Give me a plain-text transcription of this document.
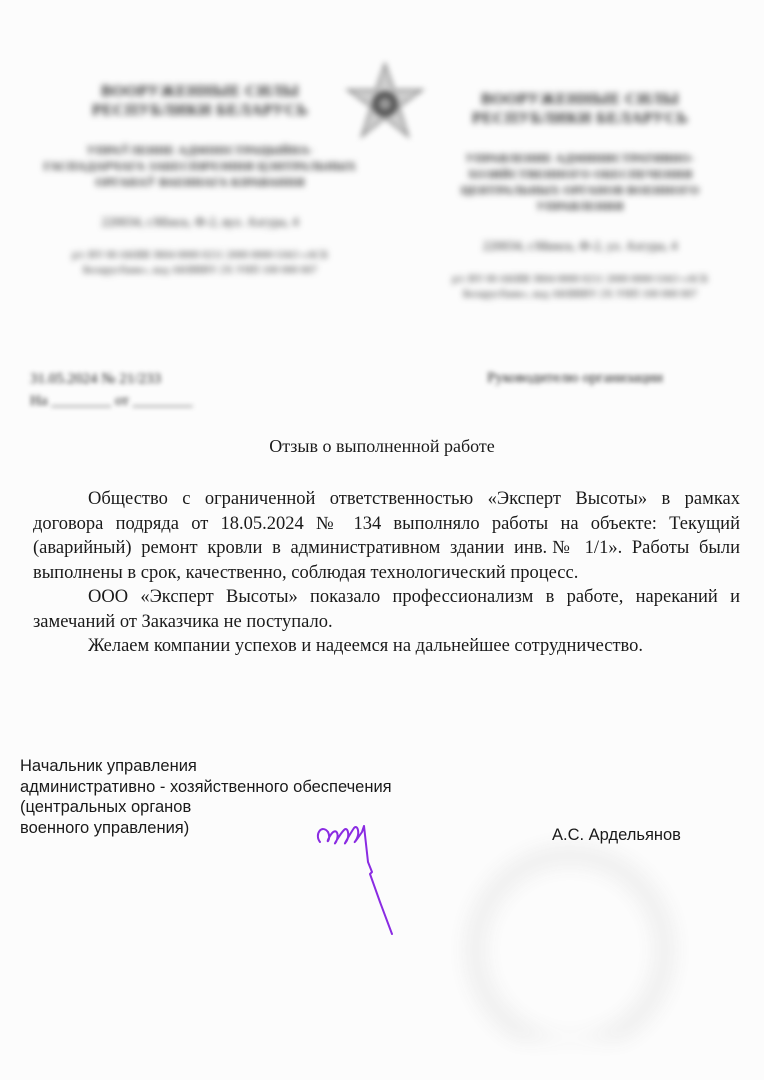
ВООРУЖЕННЫЕ СИЛЫ РЕСПУБЛИКИ БЕЛАРУСЬ
УПРАЎЛЕННЕ АДМІНІСТРАЦЫЙНА-ГАСПАДАРЧАГА ЗАБЕСПЯЧЭННЯ ЦЭНТРАЛЬНЫХ ОРГАНАЎ ВАЕННАГА КІРАВАННЯ
220034, г.Мінск, Ф-2, вул. Азгура, 4
р/с BY 00 AKBB 3604 0000 0211 2000 0000 ОАО «АСБ Беларусбанк», код AKBBBY 2X УНП 100 000 007
ВООРУЖЕННЫЕ СИЛЫ РЕСПУБЛИКИ БЕЛАРУСЬ
УПРАВЛЕНИЕ АДМИНИСТРАТИВНО-ХОЗЯЙСТВЕННОГО ОБЕСПЕЧЕНИЯ ЦЕНТРАЛЬНЫХ ОРГАНОВ ВОЕННОГО УПРАВЛЕНИЯ
220034, г.Минск, Ф-2, ул. Азгура, 4
р/с BY 00 AKBB 3604 0000 0211 2000 0000 ОАО «АСБ Беларусбанк», код AKBBBY 2X УНП 100 000 007
31.05.2024 № 21/233
На ________ от ________
Руководителю организации
Отзыв о выполненной работе

Общество с ограниченной ответственностью «Эксперт Высоты» в рамках договора подряда от 18.05.2024 № 134 выполняло работы на объекте: Текущий (аварийный) ремонт кровли в административном здании инв.№ 1/1». Работы были выполнены в срок, качественно, соблюдая технологический процесс.

ООО «Эксперт Высоты» показало профессионализм в работе, нареканий и замечаний от Заказчика не поступало.

Желаем компании успехов и надеемся на дальнейшее сотрудничество.

Начальник управления
административно - хозяйственного обеспечения
(центральных органов
военного управления)	А.С. Ардельянов
